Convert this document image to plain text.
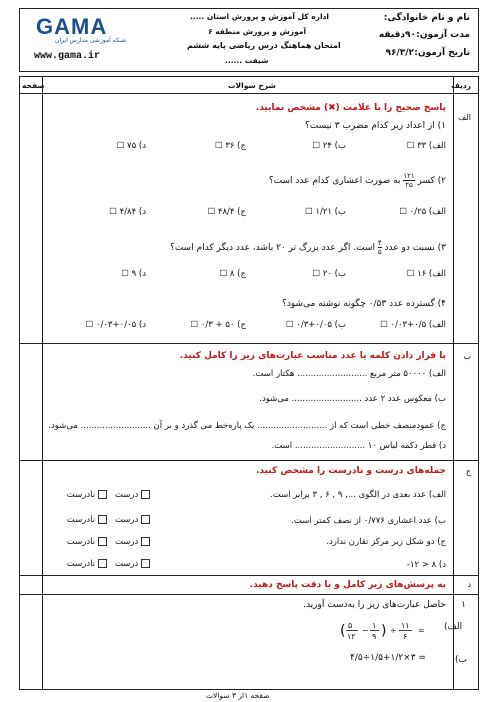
نام و نام خانوادگی:
مدت آزمون:
۹۰دقیقه
تاریخ آزمون:
۹۶/۳/۲
اداره کل آموزش و پرورش استان .....
آموزش و پرورش منطقه ۶
امتحان هماهنگ درس ریاضی پایه ششم
شیفت ......
GAMA
شبکه آموزشی مدارس ایران
www.gama.ir
ردیف
شرح سوالات
صفحه
الف
پاسخ صحیح را با علامت (✖) مشخص نمایید.
۱) از اعداد زیر کدام مضرب ۳ نیست؟
الف) ۳۳ ☐
ب) ۲۴ ☐
ج) ۳۶ ☐
د) ۷۵ ☐
۲) کسر
$\frac{۱۲۱}{۲۵}$
به صورت اعشاری کدام عدد است؟
الف) ۰/۲۵ ☐
ب) ۱/۲۱ ☐
ج) ۴۸/۴ ☐
د) ۴/۸۴ ☐
۳) نسبت دو عدد
$\frac{۴}{۵}$
است. اگر عدد بزرگ تر ۲۰ باشد، عدد دیگر کدام است؟
الف) ۱۶ ☐
ب) ۲۰ ☐
ج) ۸ ☐
د) ۹ ☐
۴) گسترده عدد ۰/۵۳ چگونه نوشته می‌شود؟
الف) ۰/۵+۰/۰۳ ☐
ب) ۰/۰۵+۰/۳ ☐
ج) ۵۰ + ۰/۳ ☐
د) ۰/۰۵+۰/۰۳ ☐
ب
با قرار دادن کلمه یا عدد مناسب عبارت‌های زیر را کامل کنید.
الف) ۵۰۰۰۰ متر مربع .......................... هکتار است.
ب) معکوس عدد ۲ عدد .......................... می‌شود.
ج) عمودمنصف خطی است که از .......................... یک پاره‌خط می گذرد و بر آن .......................... می‌شود.
د) قطر دکمه لباس ۱۰ .......................... است.
ج
جمله‌های درست و نادرست را مشخص کنید.
الف) عدد بعدی در الگوی ..., ۹ , ۶ , ۳ برابر است.
ب) عدد اعشاری ۰/۷۷۶ از نصف کمتر است.
ج) دو شکل زیر مرکز تقارن ندارد.
د) ۸ < ۱۲-
درست    نادرست
درست    نادرست
درست    نادرست
درست    نادرست
د
به پرسش‌های زیر کامل و با دقت پاسخ دهید.
۱
حاصل عبارت‌های زیر را به‌دست آورید.
الف)
( ۵
۱۲
−
۱
۹ ) ÷
۱۱
۶
=
ب)
۴/۵÷۱/۵+۱/۲×۳ =
صفحه ۱از ۳ سوالات
